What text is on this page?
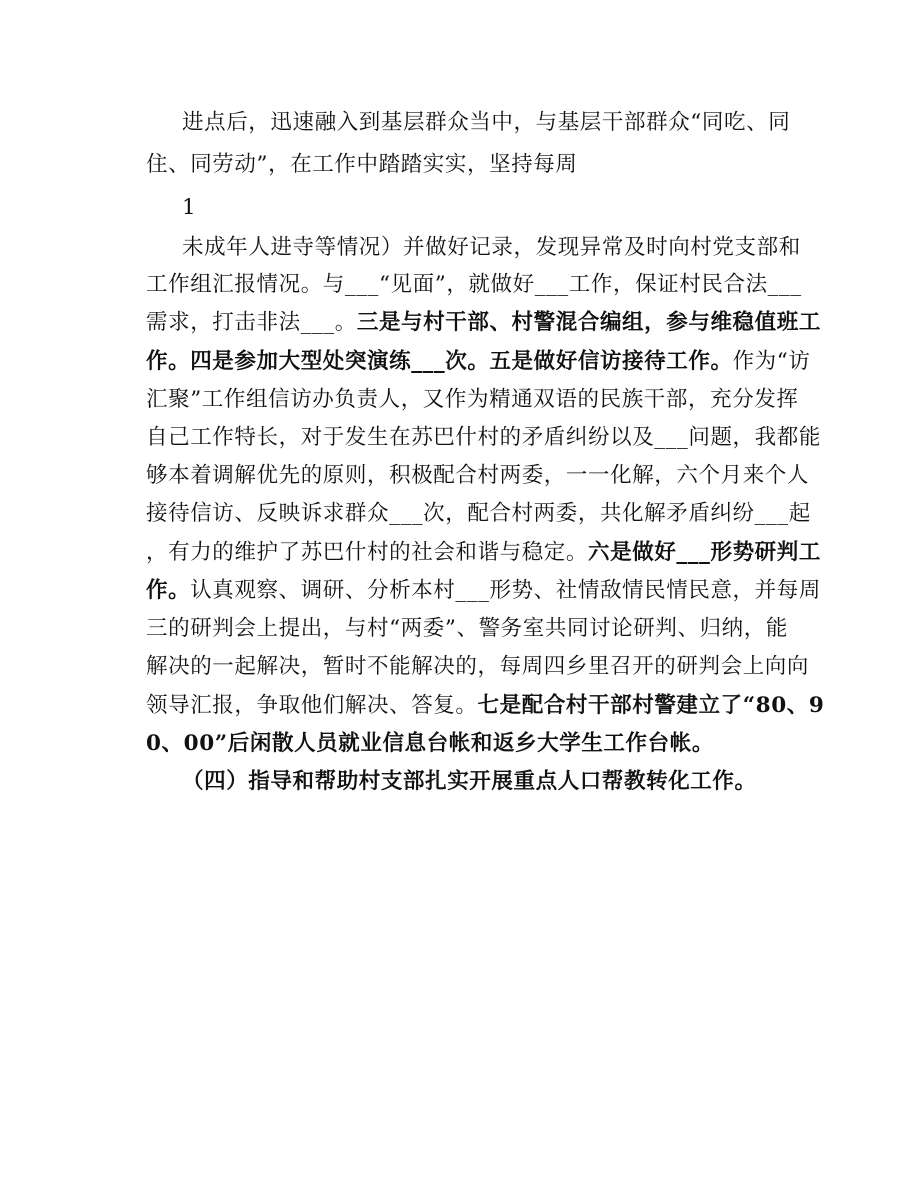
进点后，迅速融入到基层群众当中，与基层干部群众“同吃、同
住、同劳动”，在工作中踏踏实实，坚持每周
1
未成年人进寺等情况）并做好记录，发现异常及时向村党支部和
工作组汇报情况。与___“见面”，就做好___工作，保证村民合法___
需求，打击非法___。三是与村干部、村警混合编组，参与维稳值班工
作。四是参加大型处突演练___次。五是做好信访接待工作。作为“访
汇聚”工作组信访办负责人，又作为精通双语的民族干部，充分发挥
自己工作特长，对于发生在苏巴什村的矛盾纠纷以及___问题，我都能
够本着调解优先的原则，积极配合村两委，一一化解，六个月来个人
接待信访、反映诉求群众___次，配合村两委，共化解矛盾纠纷___起
，有力的维护了苏巴什村的社会和谐与稳定。六是做好___形势研判工
作。认真观察、调研、分析本村___形势、社情敌情民情民意，并每周
三的研判会上提出，与村“两委”、警务室共同讨论研判、归纳，能
解决的一起解决，暂时不能解决的，每周四乡里召开的研判会上向向
领导汇报，争取他们解决、答复。七是配合村干部村警建立了“80、9
0、00”后闲散人员就业信息台帐和返乡大学生工作台帐。
（四）指导和帮助村支部扎实开展重点人口帮教转化工作。
